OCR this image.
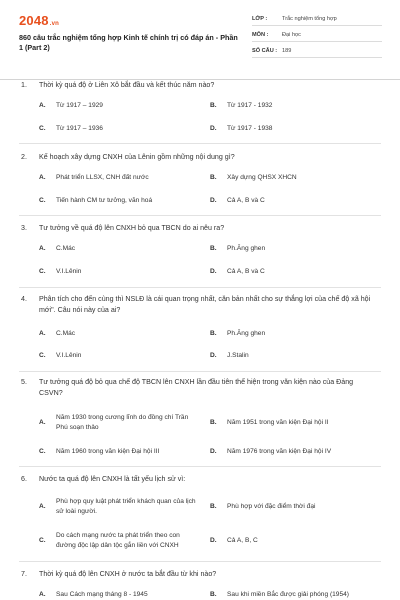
2048.vn
860 câu trắc nghiệm tổng hợp Kinh tế chính trị có đáp án - Phần 1 (Part 2)
LỚP :	Trắc nghiệm tổng hợp
MÔN :	Đại học
SỐ CÂU : 189
1.	Thời kỳ quá độ ở Liên Xô bắt đầu và kết thúc năm nào?
A.	Từ 1917 – 1929	B.	Từ 1917 - 1932
C.	Từ 1917 – 1936	D.	Từ 1917 - 1938
2.	Kế hoạch xây dựng CNXH của Lênin gồm những nội dung gì?
A.	Phát triển LLSX, CNH đất nước	B.	Xây dựng QHSX XHCN
C.	Tiến hành CM tư tưởng, văn hoá	D.	Cả A, B và C
3.	Tư tưởng về quá độ lên CNXH bỏ qua TBCN do ai nêu ra?
A.	C.Mác	B.	Ph.Ăng ghen
C.	V.I.Lênin	D.	Cả A, B và C
4.	Phân tích cho đến cùng thì NSLĐ là cái quan trọng nhất, căn bản nhất cho sự thắng lợi của chế độ xã hội mới". Câu nói này của ai?
A.	C.Mác	B.	Ph.Ăng ghen
C.	V.I.Lênin	D.	J.Stalin
5.	Tư tưởng quá độ bỏ qua chế độ TBCN lên CNXH lần đầu tiên thể hiện trong văn kiện nào của Đảng CSVN?
A.
Năm 1930 trong cương lĩnh do đồng chí Trần Phú soạn thảo
B.	Năm 1951 trong văn kiện Đại hội II
C.	Năm 1960 trong văn kiện Đại hội III	D.	Năm 1976 trong văn kiện Đại hội IV
6.	Nước ta quá độ lên CNXH là tất yếu lịch sử vì:
A.
Phù hợp quy luật phát triển khách quan của lịch sử loài người.
B.	Phù hợp với đặc điểm thời đại
C.
Do cách mạng nước ta phát triển theo con đường độc lập dân tộc gắn liền với CNXH
D.	Cả A, B, C
7.	Thời kỳ quá độ lên CNXH ở nước ta bắt đầu từ khi nào?
A.	Sau Cách mạng tháng 8 - 1945	B.	Sau khi miền Bắc được giải phóng (1954)
